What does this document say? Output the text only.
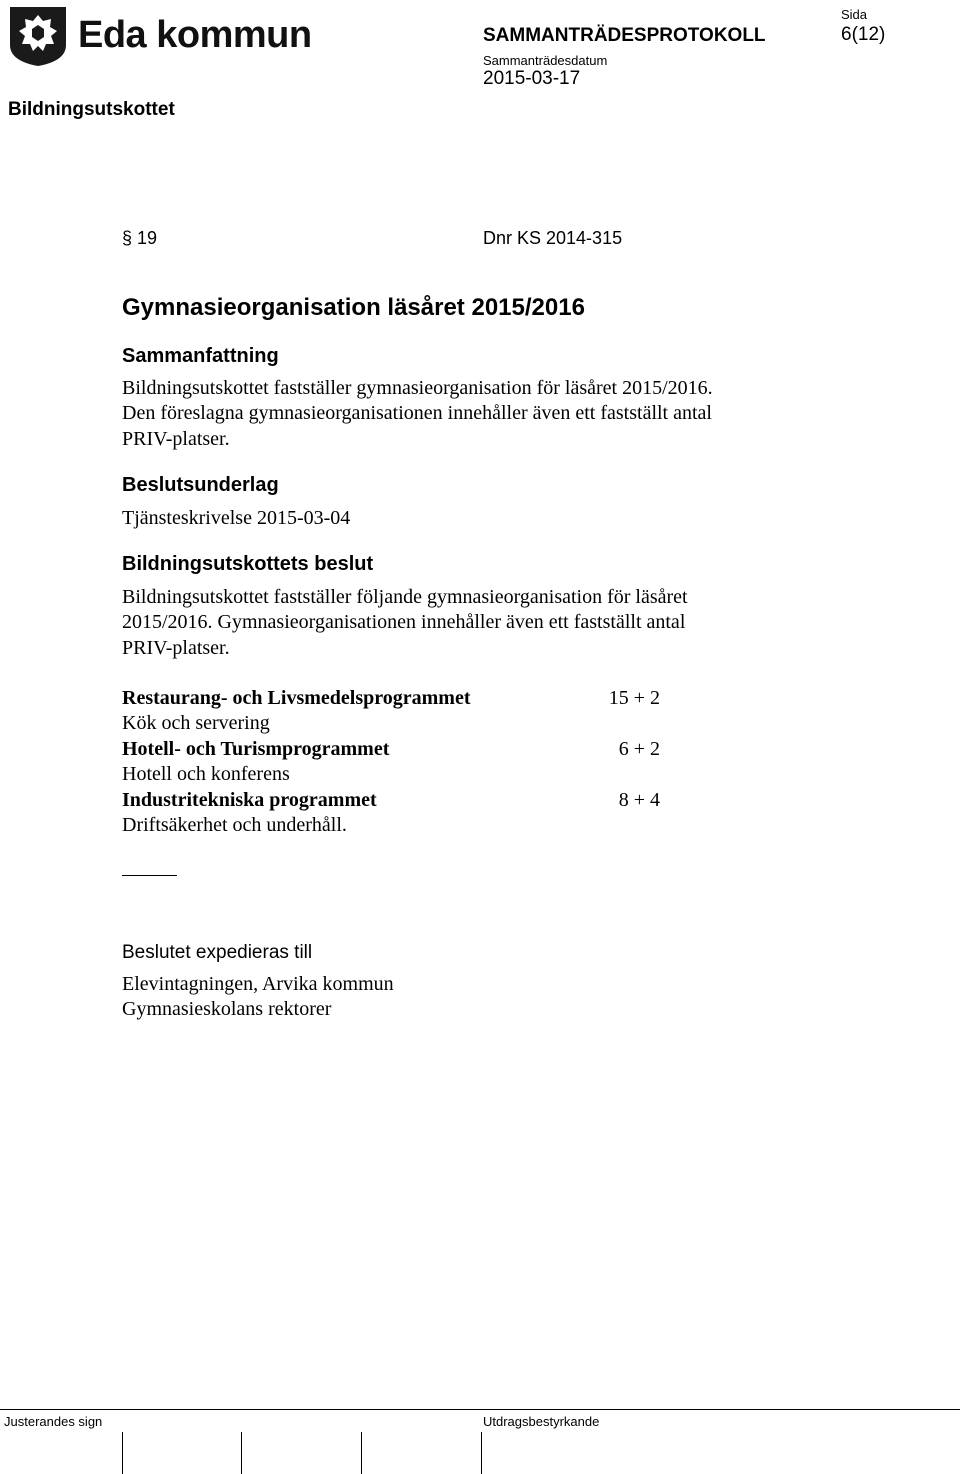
Eda kommun	SAMMANTRÄDESPROTOKOLL
Sammanträdesdatum
2015-03-17
Sida
6(12)
Bildningsutskottet
§ 19	Dnr KS 2014-315
Gymnasieorganisation läsåret 2015/2016
Sammanfattning
Bildningsutskottet fastställer gymnasieorganisation för läsåret 2015/2016.
Den föreslagna gymnasieorganisationen innehåller även ett fastställt antal
PRIV-platser.
Beslutsunderlag
Tjänsteskrivelse 2015-03-04
Bildningsutskottets beslut
Bildningsutskottet fastställer följande gymnasieorganisation för läsåret
2015/2016. Gymnasieorganisationen innehåller även ett fastställt antal
PRIV-platser.
Restaurang- och Livsmedelsprogrammet	15 + 2
Kök och servering
Hotell- och Turismprogrammet	6 + 2
Hotell och konferens
Industritekniska programmet	8 + 4
Driftsäkerhet och underhåll.
Beslutet expedieras till
Elevintagningen, Arvika kommun
Gymnasieskolans rektorer
Justerandes sign	Utdragsbestyrkande
